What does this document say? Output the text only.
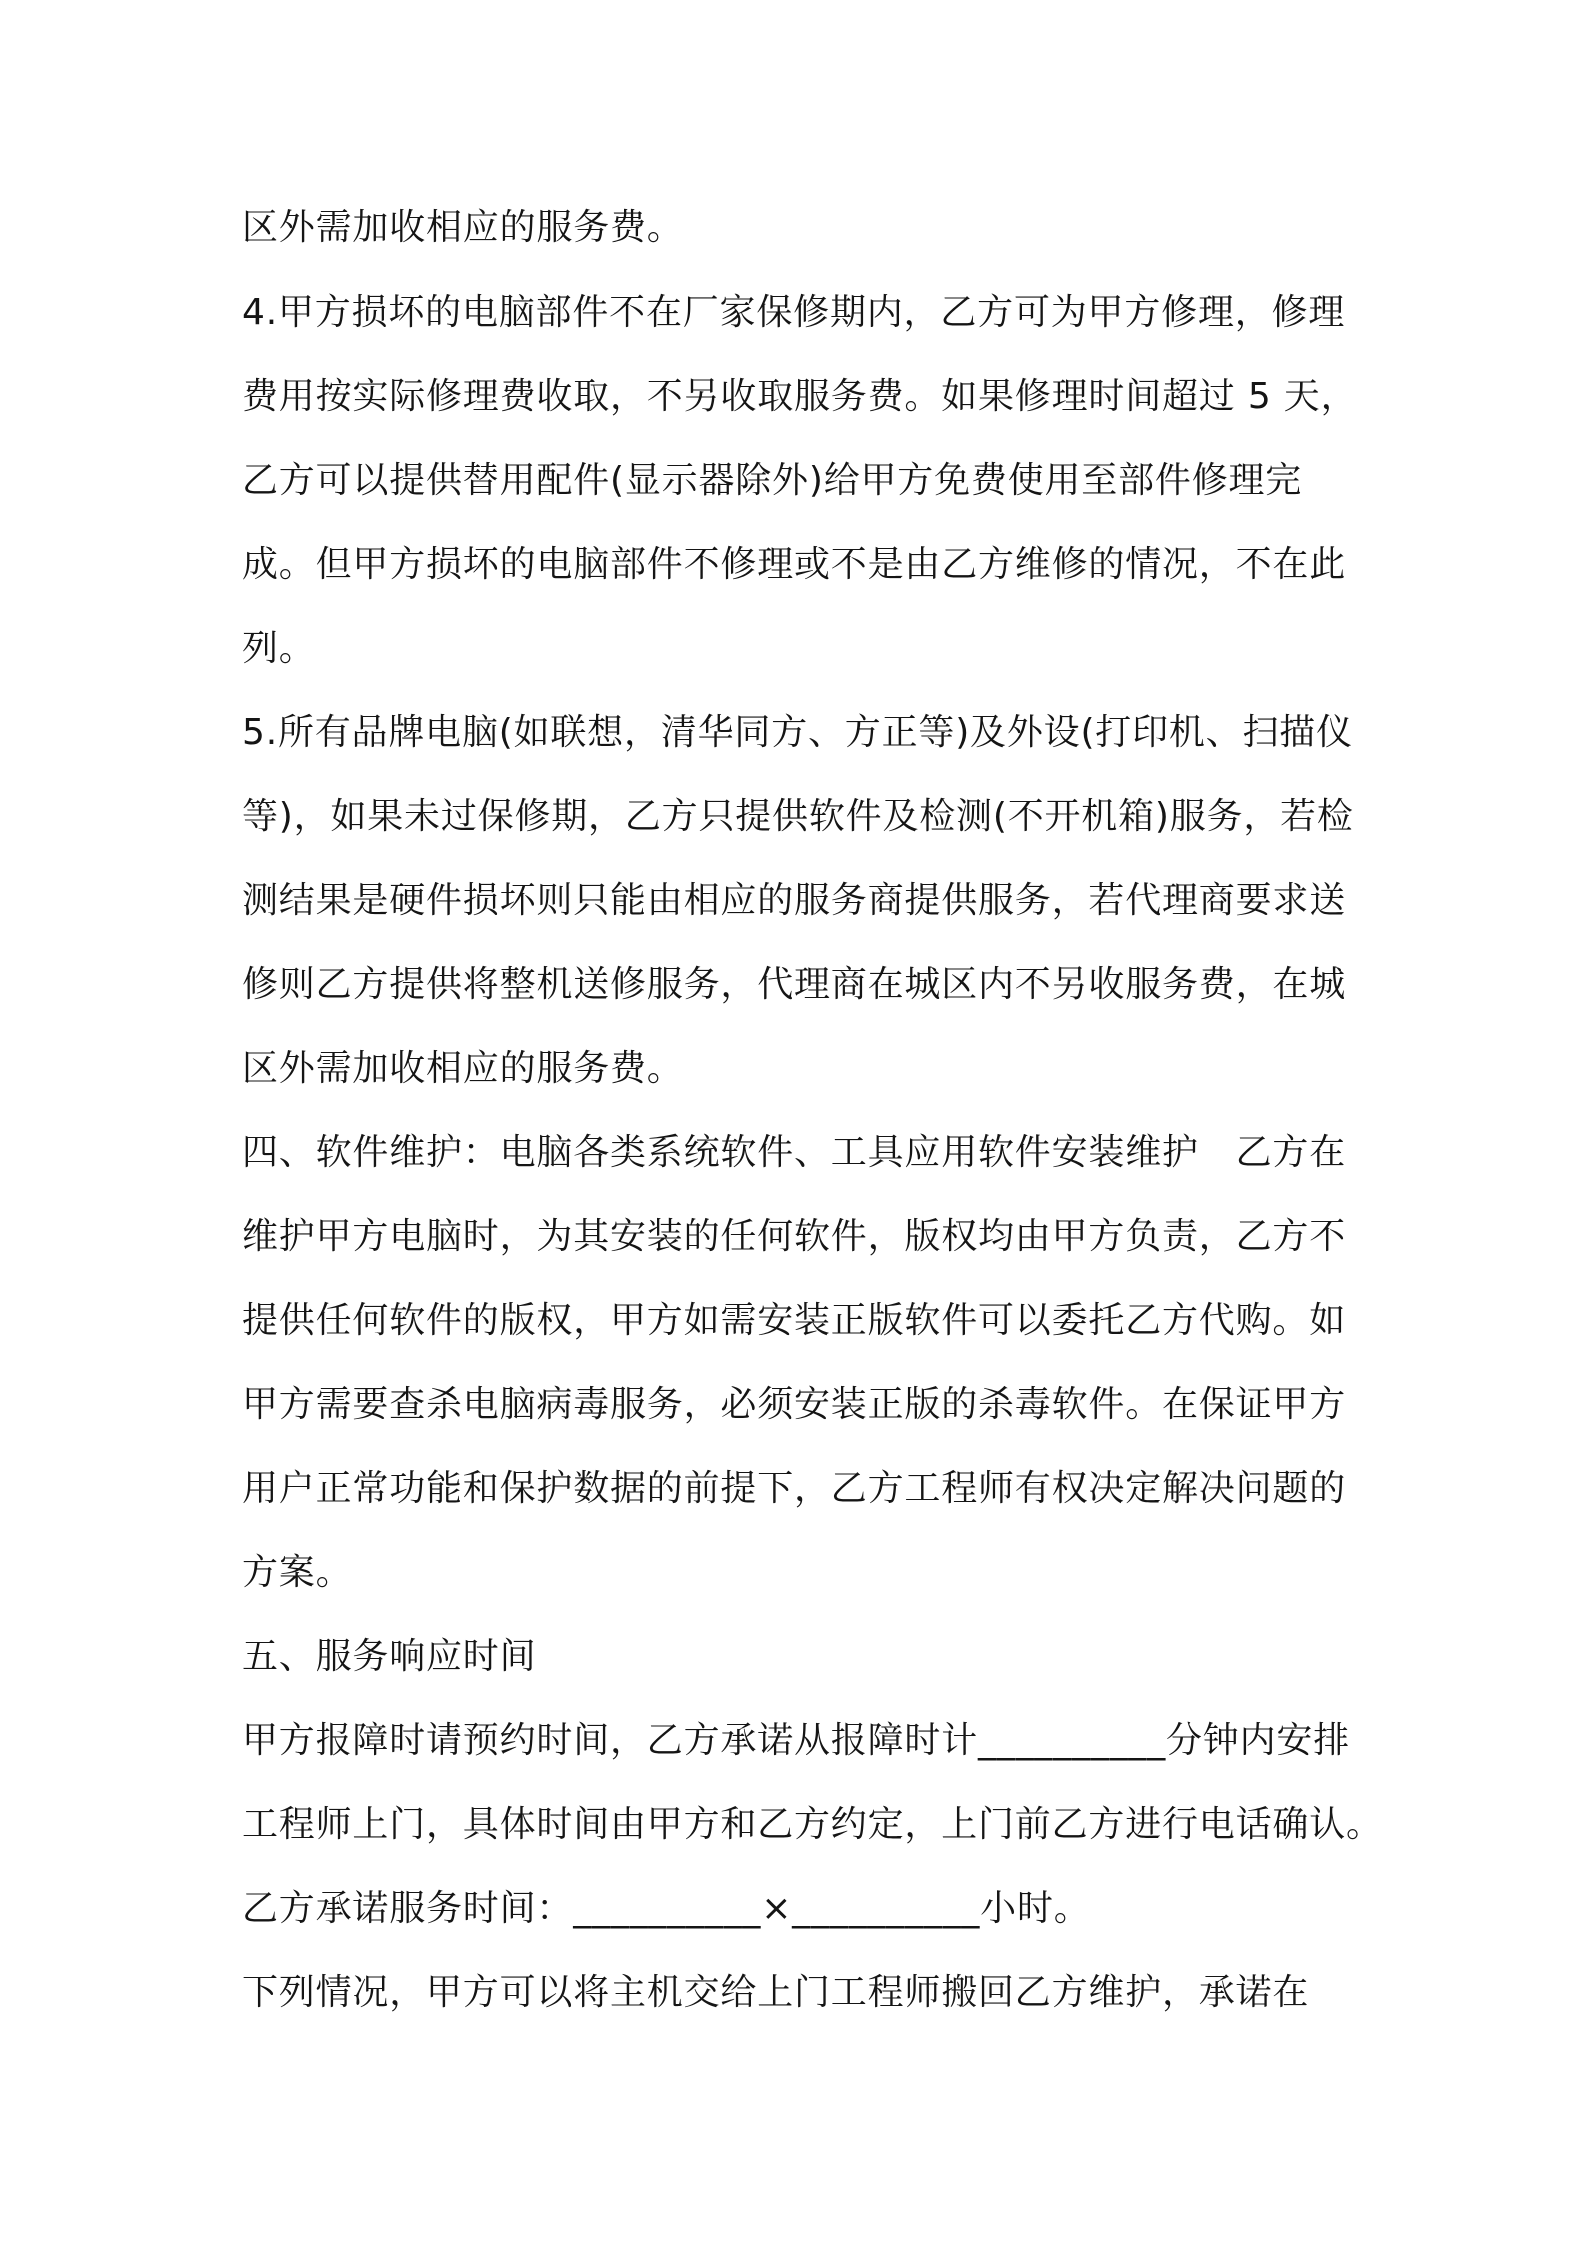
区外需加收相应的服务费。
4.甲方损坏的电脑部件不在厂家保修期内，乙方可为甲方修理，修理
费用按实际修理费收取，不另收取服务费。如果修理时间超过 5 天，
乙方可以提供替用配件(显示器除外)给甲方免费使用至部件修理完
成。但甲方损坏的电脑部件不修理或不是由乙方维修的情况，不在此
列。
5.所有品牌电脑(如联想，清华同方、方正等)及外设(打印机、扫描仪
等)，如果未过保修期，乙方只提供软件及检测(不开机箱)服务，若检
测结果是硬件损坏则只能由相应的服务商提供服务，若代理商要求送
修则乙方提供将整机送修服务，代理商在城区内不另收服务费，在城
区外需加收相应的服务费。
四、软件维护：电脑各类系统软件、工具应用软件安装维护　乙方在
维护甲方电脑时，为其安装的任何软件，版权均由甲方负责，乙方不
提供任何软件的版权，甲方如需安装正版软件可以委托乙方代购。如
甲方需要查杀电脑病毒服务，必须安装正版的杀毒软件。在保证甲方
用户正常功能和保护数据的前提下，乙方工程师有权决定解决问题的
方案。
五、服务响应时间
甲方报障时请预约时间，乙方承诺从报障时计__________分钟内安排
工程师上门，具体时间由甲方和乙方约定，上门前乙方进行电话确认。
乙方承诺服务时间：__________×__________小时。
下列情况，甲方可以将主机交给上门工程师搬回乙方维护，承诺在
